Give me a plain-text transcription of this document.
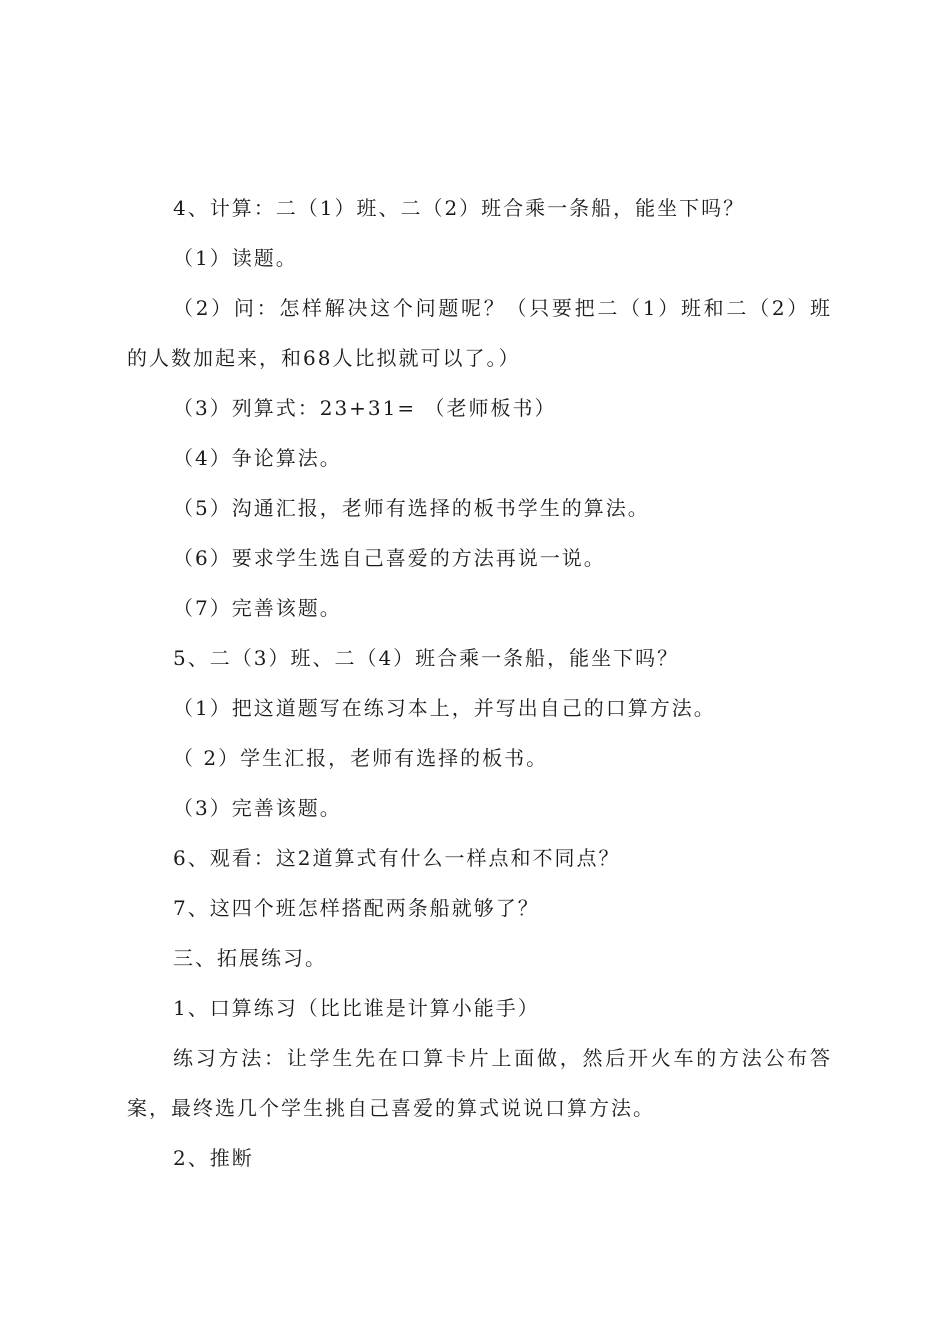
4、计算：二（1）班、二（2）班合乘一条船，能坐下吗？

（1）读题。

（2）问：怎样解决这个问题呢？（只要把二（1）班和二（2）班的人数加起来，和68人比拟就可以了。）

（3）列算式：23+31= （老师板书）

（4）争论算法。

（5）沟通汇报，老师有选择的板书学生的算法。

（6）要求学生选自己喜爱的方法再说一说。

（7）完善该题。

5、二（3）班、二（4）班合乘一条船，能坐下吗？

（1）把这道题写在练习本上，并写出自己的口算方法。

（ 2）学生汇报，老师有选择的板书。

（3）完善该题。

6、观看：这2道算式有什么一样点和不同点？

7、这四个班怎样搭配两条船就够了？

三、拓展练习。

1、口算练习（比比谁是计算小能手）

练习方法：让学生先在口算卡片上面做，然后开火车的方法公布答案，最终选几个学生挑自己喜爱的算式说说口算方法。

2、推断
